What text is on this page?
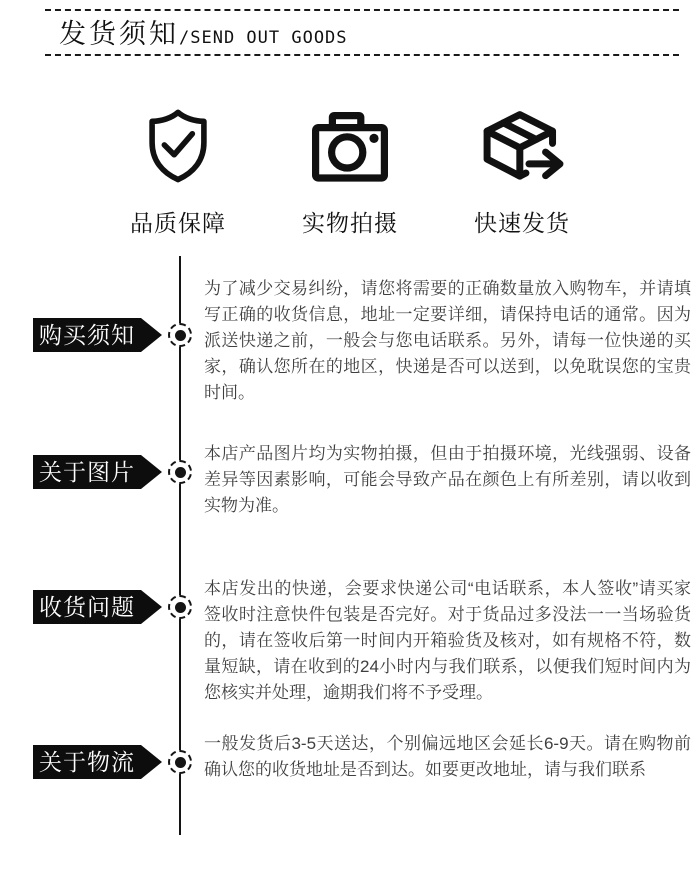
发货须知 /SEND OUT GOODS
品质保障	实物拍摄	快速发货
购买须知
为了减少交易纠纷，请您将需要的正确数量放入购物车，并请填写正确的收货信息，地址一定要详细，请保持电话的通常。因为派送快递之前，一般会与您电话联系。另外，请每一位快递的买家，确认您所在的地区，快递是否可以送到，以免耽误您的宝贵时间。
关于图片
本店产品图片均为实物拍摄，但由于拍摄环境，光线强弱、设备差异等因素影响，可能会导致产品在颜色上有所差别，请以收到实物为准。
收货问题
本店发出的快递，会要求快递公司“电话联系，本人签收”请买家签收时注意快件包装是否完好。对于货品过多没法一一当场验货的，请在签收后第一时间内开箱验货及核对，如有规格不符，数量短缺，请在收到的24小时内与我们联系，以便我们短时间内为您核实并处理，逾期我们将不予受理。
关于物流
一般发货后3-5天送达，个别偏远地区会延长6-9天。请在购物前确认您的收货地址是否到达。如要更改地址，请与我们联系
